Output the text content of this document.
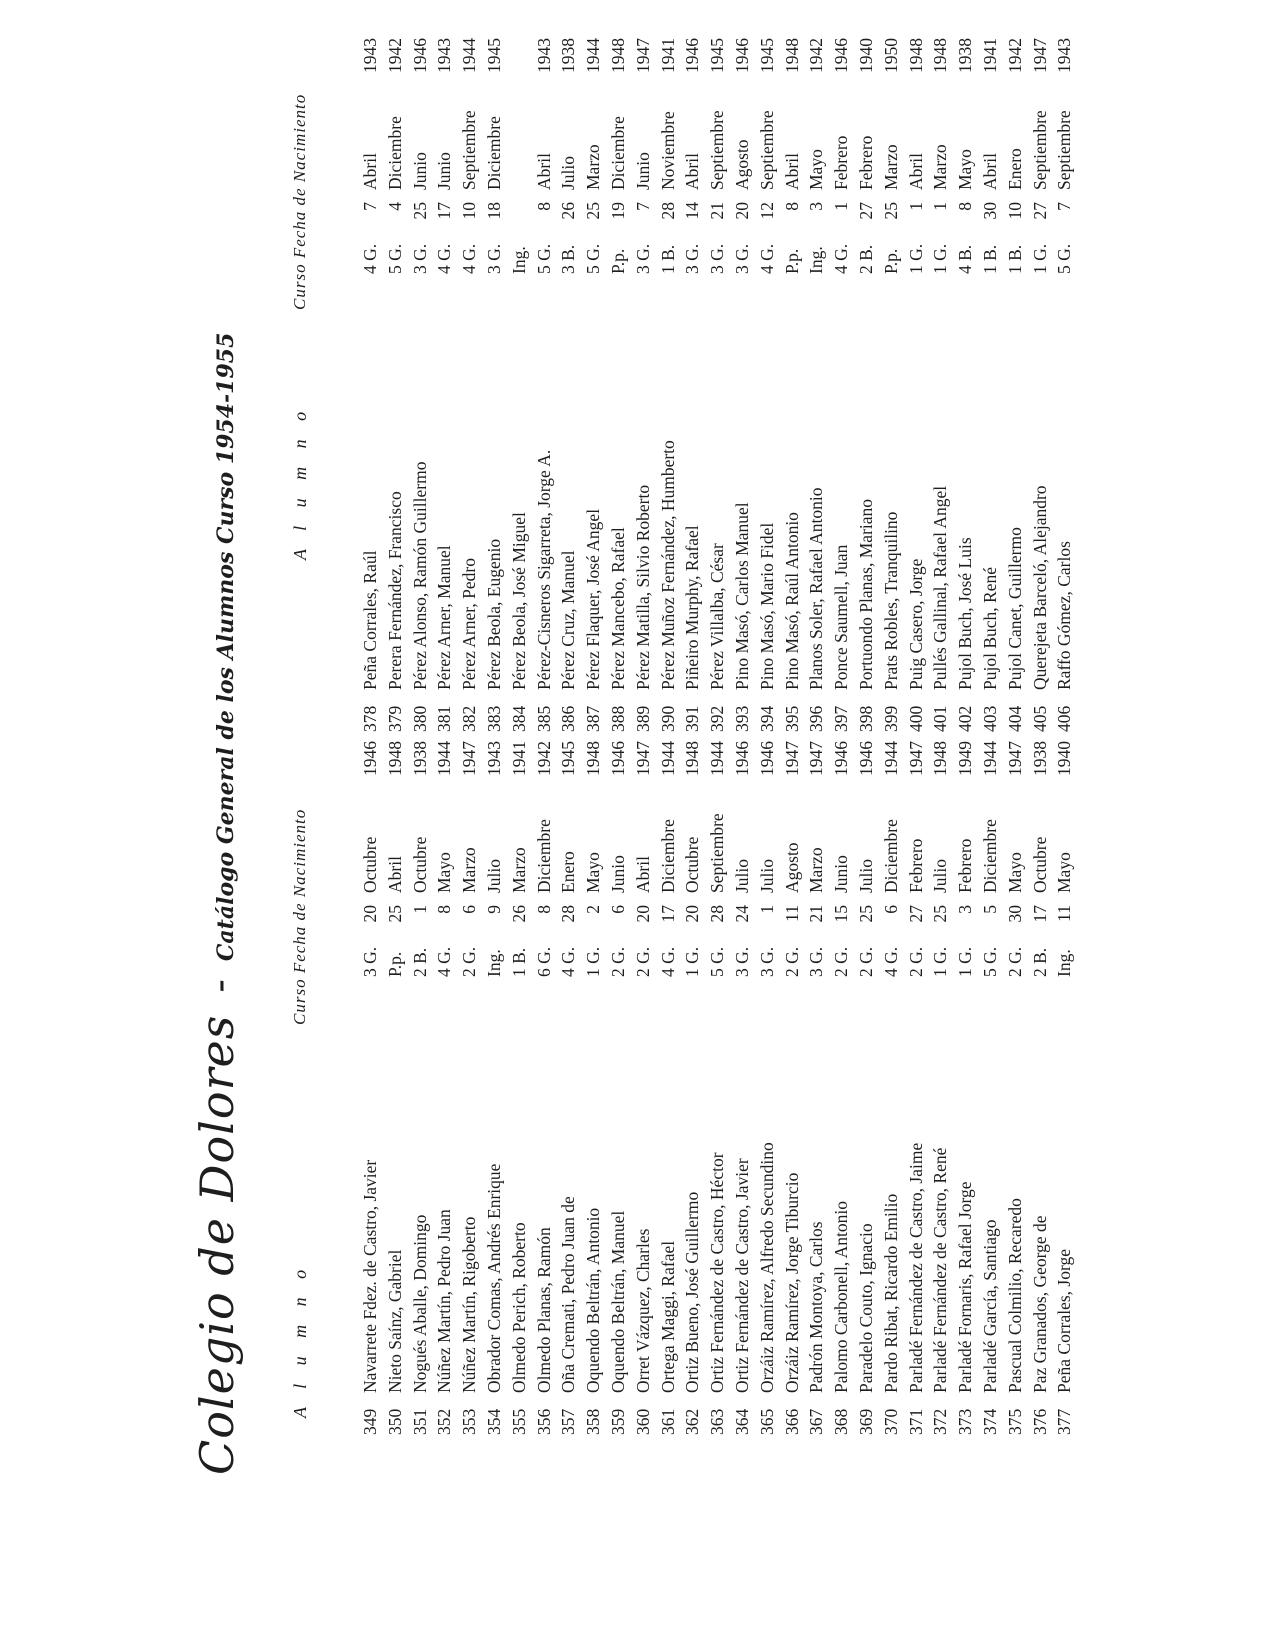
Colegio de Dolores-Catálogo General de los Alumnos Curso 1954-1955
A l u m n o
Curso Fecha de Nacimiento
A l u m n o
Curso Fecha de Nacimiento
349
Navarrete Fdez. de Castro, Javier
3 G.
20
Octubre
1946
350
Nieto Saínz, Gabriel
P.p.
25
Abril
1948
351
Nogués Aballe, Domingo
2 B.
1
Octubre
1938
352
Núñez Martín, Pedro Juan
4 G.
8
Mayo
1944
353
Núñez Martín, Rigoberto
2 G.
6
Marzo
1947
354
Obrador Comas, Andrés Enrique
Ing.
9
Julio
1943
355
Olmedo Perich, Roberto
1 B.
26
Marzo
1941
356
Olmedo Planas, Ramón
6 G.
8
Diciembre
1942
357
Oña Cremati, Pedro Juan de
4 G.
28
Enero
1945
358
Oquendo Beltrán, Antonio
1 G.
2
Mayo
1948
359
Oquendo Beltrán, Manuel
2 G.
6
Junio
1946
360
Orret Vázquez, Charles
2 G.
20
Abril
1947
361
Ortega Maggi, Rafael
4 G.
17
Diciembre
1944
362
Ortiz Bueno, José Guillermo
1 G.
20
Octubre
1948
363
Ortiz Fernández de Castro, Héctor
5 G.
28
Septiembre
1944
364
Ortiz Fernández de Castro, Javier
3 G.
24
Julio
1946
365
Orzáiz Ramírez, Alfredo Secundino
3 G.
1
Julio
1946
366
Orzáiz Ramírez, Jorge Tiburcio
2 G.
11
Agosto
1947
367
Padrón Montoya, Carlos
3 G.
21
Marzo
1947
368
Palomo Carbonell, Antonio
2 G.
15
Junio
1946
369
Paradelo Couto, Ignacio
2 G.
25
Julio
1946
370
Pardo Ribat, Ricardo Emilio
4 G.
6
Diciembre
1944
371
Parladé Fernández de Castro, Jaime
2 G.
27
Febrero
1947
372
Parladé Fernández de Castro, René
1 G.
25
Julio
1948
373
Parladé Fornaris, Rafael Jorge
1 G.
3
Febrero
1949
374
Parladé García, Santiago
5 G.
5
Diciembre
1944
375
Pascual Colmilio, Recaredo
2 G.
30
Mayo
1947
376
Paz Granados, George de
2 B.
17
Octubre
1938
377
Peña Corrales, Jorge
Ing.
11
Mayo
1940
378
Peña Corrales, Raúl
4 G.
7
Abril
1943
379
Perera Fernández, Francisco
5 G.
4
Diciembre
1942
380
Pérez Alonso, Ramón Guillermo
3 G.
25
Junio
1946
381
Pérez Arner, Manuel
4 G.
17
Junio
1943
382
Pérez Arner, Pedro
4 G.
10
Septiembre
1944
383
Pérez Beola, Eugenio
3 G.
18
Diciembre
1945
384
Pérez Beola, José Miguel
Ing.
385
Pérez-Cisneros Sigarreta, Jorge A.
5 G.
8
Abril
1943
386
Pérez Cruz, Manuel
3 B.
26
Julio
1938
387
Pérez Flaquer, José Angel
5 G.
25
Marzo
1944
388
Pérez Mancebo, Rafael
P.p.
19
Diciembre
1948
389
Pérez Matilla, Silvio Roberto
3 G.
7
Junio
1947
390
Pérez Muñoz Fernández, Humberto
1 B.
28
Noviembre
1941
391
Piñeiro Murphy, Rafael
3 G.
14
Abril
1946
392
Pérez Villalba, César
3 G.
21
Septiembre
1945
393
Pino Masó, Carlos Manuel
3 G.
20
Agosto
1946
394
Pino Masó, Mario Fidel
4 G.
12
Septiembre
1945
395
Pino Masó, Raúl Antonio
P.p.
8
Abril
1948
396
Planos Soler, Rafael Antonio
Ing.
3
Mayo
1942
397
Ponce Saumell, Juan
4 G.
1
Febrero
1946
398
Portuondo Planas, Mariano
2 B.
27
Febrero
1940
399
Prats Robles, Tranquilino
P.p.
25
Marzo
1950
400
Puig Casero, Jorge
1 G.
1
Abril
1948
401
Pullés Gallinal, Rafael Angel
1 G.
1
Marzo
1948
402
Pujol Buch, José Luis
4 B.
8
Mayo
1938
403
Pujol Buch, René
1 B.
30
Abril
1941
404
Pujol Canet, Guillermo
1 B.
10
Enero
1942
405
Querejeta Barceló, Alejandro
1 G.
27
Septiembre
1947
406
Raffo Gómez, Carlos
5 G.
7
Septiembre
1943
